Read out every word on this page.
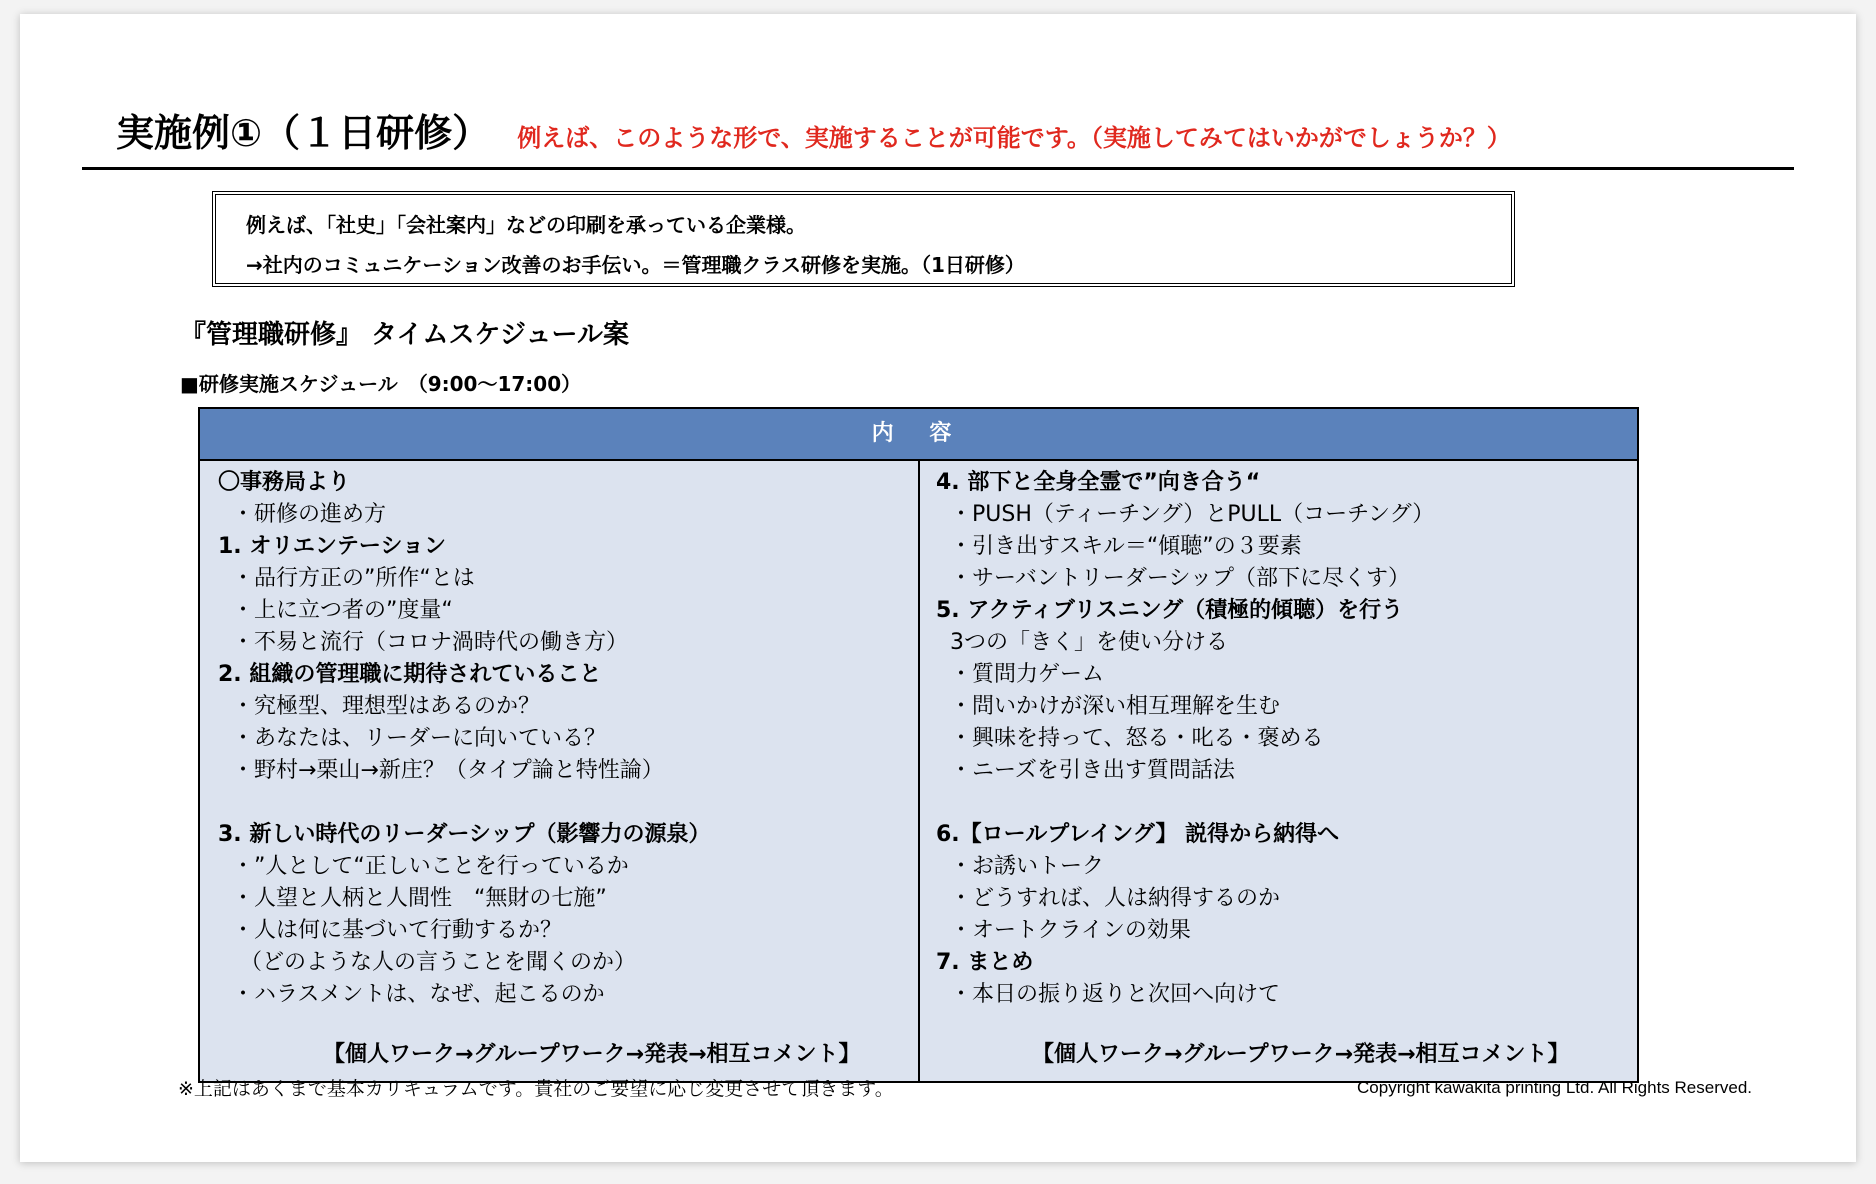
実施例①（１日研修） 例えば、このような形で、実施することが可能です。（実施してみてはいかがでしょうか？）
例えば、「社史」「会社案内」などの印刷を承っている企業様。
→社内のコミュニケーション改善のお手伝い。＝管理職クラス研修を実施。（1日研修）
『管理職研修』 タイムスケジュール案
■研修実施スケジュール　（9:00～17:00）
内 容
〇事務局より
・研修の進め方
1. オリエンテーション
・品行方正の”所作“とは
・上に立つ者の”度量“
・不易と流行（コロナ渦時代の働き方）
2. 組織の管理職に期待されていること
・究極型、理想型はあるのか？
・あなたは、リーダーに向いている？
・野村→栗山→新庄？（タイプ論と特性論）
3. 新しい時代のリーダーシップ（影響力の源泉）
・”人として“正しいことを行っているか
・人望と人柄と人間性　“無財の七施”
・人は何に基づいて行動するか？
（どのような人の言うことを聞くのか）
・ハラスメントは、なぜ、起こるのか
4. 部下と全身全霊で”向き合う“
・PUSH（ティーチング）とPULL（コーチング）
・引き出すスキル＝“傾聴”の３要素
・サーバントリーダーシップ（部下に尽くす）
5. アクティブリスニング（積極的傾聴）を行う
3つの「きく」を使い分ける
・質問力ゲーム
・問いかけが深い相互理解を生む
・興味を持って、怒る・叱る・褒める
・ニーズを引き出す質問話法
6.【ロールプレイング】 説得から納得へ
・お誘いトーク
・どうすれば、人は納得するのか
・オートクラインの効果
7. まとめ
・本日の振り返りと次回へ向けて
【個人ワーク→グループワーク→発表→相互コメント】	【個人ワーク→グループワーク→発表→相互コメント】
※上記はあくまで基本カリキュラムです。貴社のご要望に応じ変更させて頂きます。	Copyright kawakita printing Ltd. All Rights Reserved.
